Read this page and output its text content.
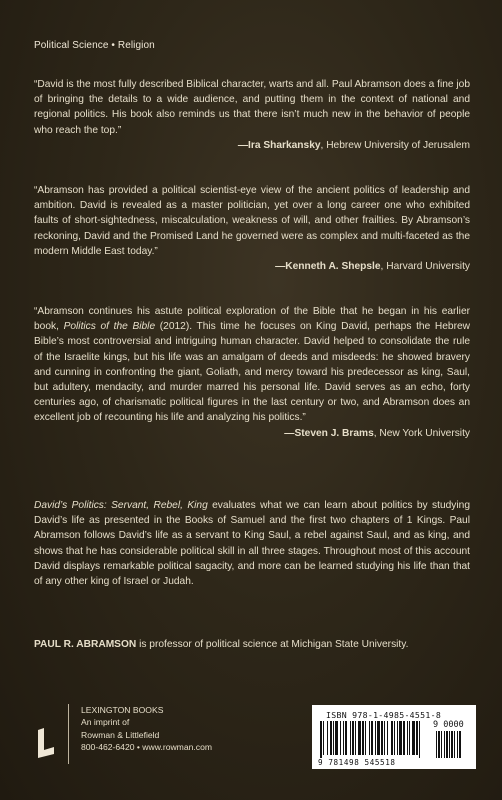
Political Science • Religion

“David is the most fully described Biblical character, warts and all. Paul Abramson does a fine job of bringing the details to a wide audience, and putting them in the context of national and regional politics. His book also reminds us that there isn’t much new in the behavior of people who reach the top.”
—Ira Sharkansky, Hebrew University of Jerusalem

“Abramson has provided a political scientist-eye view of the ancient politics of leadership and ambition. David is revealed as a master politician, yet over a long career one who exhibited faults of short-sightedness, miscalculation, weakness of will, and other frailties. By Abramson’s reckoning, David and the Promised Land he governed were as complex and multi-faceted as the modern Middle East today.”
—Kenneth A. Shepsle, Harvard University

“Abramson continues his astute political exploration of the Bible that he began in his earlier book, Politics of the Bible (2012). This time he focuses on King David, perhaps the Hebrew Bible’s most controversial and intriguing human character. David helped to consolidate the rule of the Israelite kings, but his life was an amalgam of deeds and misdeeds: he showed bravery and cunning in confronting the giant, Goliath, and mercy toward his predecessor as king, Saul, but adultery, mendacity, and murder marred his personal life. David serves as an echo, forty centuries ago, of charismatic political figures in the last century or two, and Abramson does an excellent job of recounting his life and analyzing his politics.”
—Steven J. Brams, New York University

David’s Politics: Servant, Rebel, King evaluates what we can learn about politics by studying David’s life as presented in the Books of Samuel and the first two chapters of 1 Kings. Paul Abramson follows David’s life as a servant to King Saul, a rebel against Saul, and as king, and shows that he has considerable political skill in all three stages. Throughout most of this account David displays remarkable political sagacity, and more can be learned studying his life than that of any other king of Israel or Judah.

PAUL R. ABRAMSON is professor of political science at Michigan State University.

LEXINGTON BOOKS
An imprint of
Rowman & Littlefield
800-462-6420 • www.rowman.com
ISBN 978-1-4985-4551-8
9 0000
9 781498 545518
